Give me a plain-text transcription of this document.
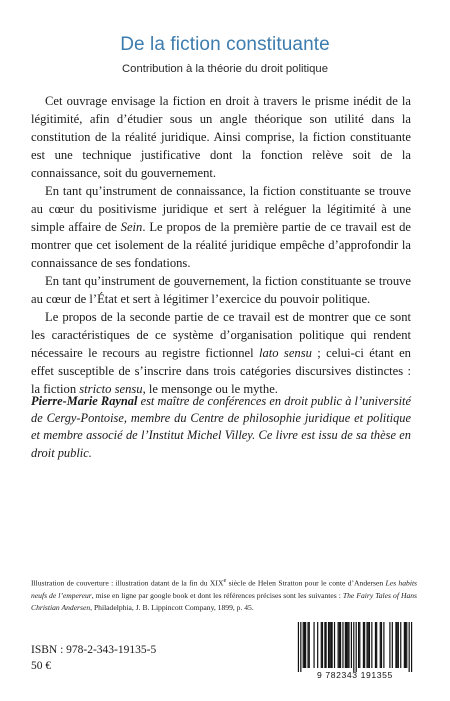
De la fiction constituante
Contribution à la théorie du droit politique

Cet ouvrage envisage la fiction en droit à travers le prisme inédit de la légitimité, afin d’étudier sous un angle théorique son utilité dans la constitution de la réalité juridique. Ainsi comprise, la fiction constituante est une technique justificative dont la fonction relève soit de la connaissance, soit du gouvernement.

En tant qu’instrument de connaissance, la fiction constituante se trouve au cœur du positivisme juridique et sert à reléguer la légitimité à une simple affaire de Sein. Le propos de la première partie de ce travail est de montrer que cet isolement de la réalité juridique empêche d’approfondir la connaissance de ses fondations.

En tant qu’instrument de gouvernement, la fiction constituante se trouve au cœur de l’État et sert à légitimer l’exercice du pouvoir politique.

Le propos de la seconde partie de ce travail est de montrer que ce sont les caractéristiques de ce système d’organisation politique qui rendent nécessaire le recours au registre fictionnel lato sensu ; celui-ci étant en effet susceptible de s’inscrire dans trois catégories discursives distinctes : la fiction stricto sensu, le mensonge ou le mythe.

Pierre-Marie Raynal est maître de conférences en droit public à l’université de Cergy-Pontoise, membre du Centre de philosophie juridique et politique et membre associé de l’Institut Michel Villey. Ce livre est issu de sa thèse en droit public.

Illustration de couverture : illustration datant de la fin du XIXe siècle de Helen Stratton pour le conte d’Andersen Les habits neufs de l’empereur, mise en ligne par google book et dont les références précises sont les suivantes : The Fairy Tales of Hans Christian Andersen, Philadelphia, J. B. Lippincott Company, 1899, p. 45.

ISBN : 978-2-343-19135-5
50 €
9 782343 191355
